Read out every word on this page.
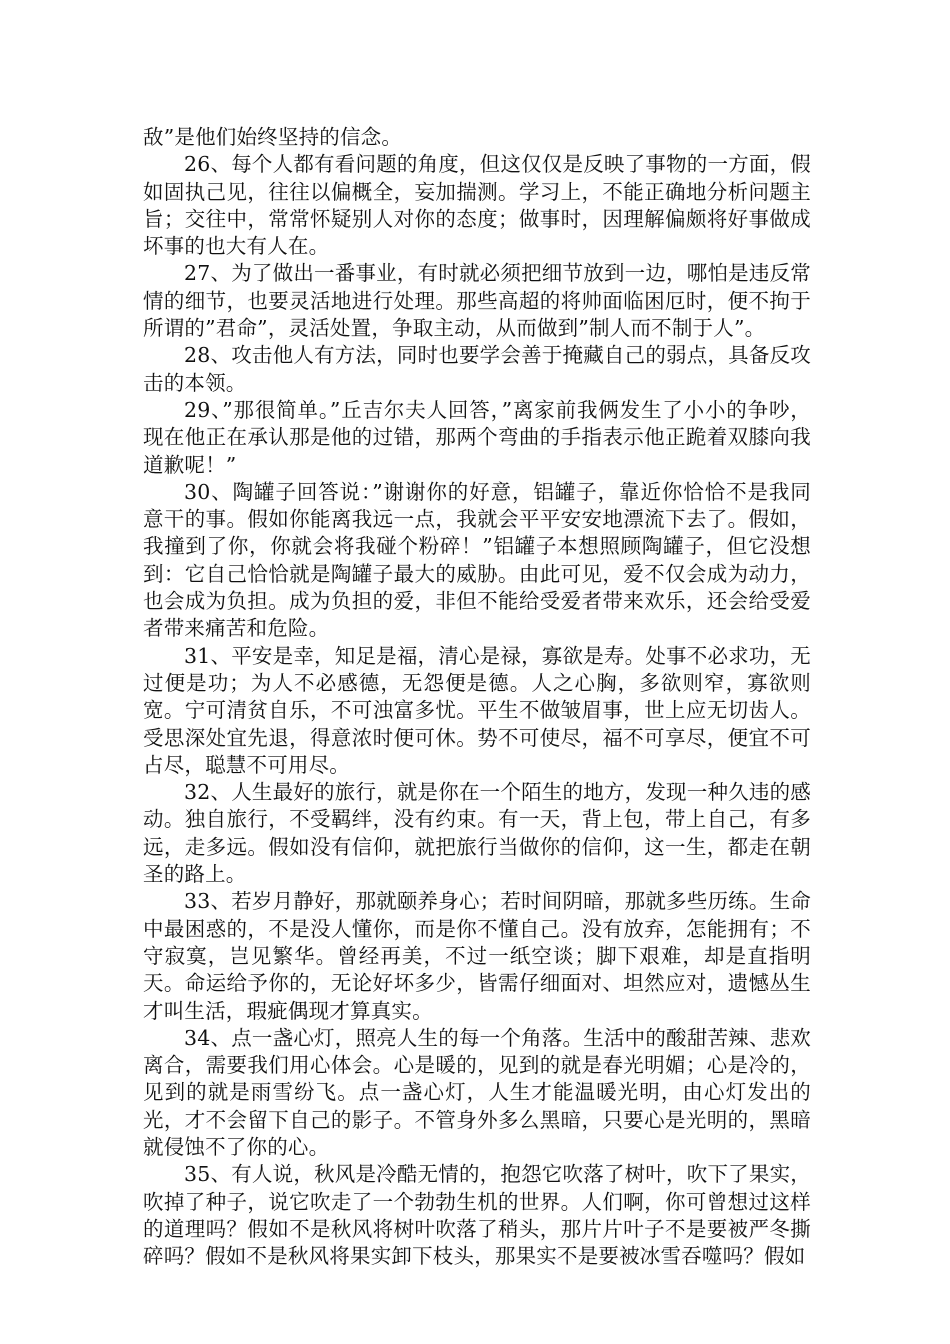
敌”是他们始终坚持的信念。

26、每个人都有看问题的角度，但这仅仅是反映了事物的一方面，假如固执己见，往往以偏概全，妄加揣测。学习上，不能正确地分析问题主旨；交往中，常常怀疑别人对你的态度；做事时，因理解偏颇将好事做成坏事的也大有人在。

27、为了做出一番事业，有时就必须把细节放到一边，哪怕是违反常情的细节，也要灵活地进行处理。那些高超的将帅面临困厄时，便不拘于所谓的”君命”，灵活处置，争取主动，从而做到”制人而不制于人”。

28、攻击他人有方法，同时也要学会善于掩藏自己的弱点，具备反攻击的本领。

29、”那很简单。”丘吉尔夫人回答，”离家前我俩发生了小小的争吵，现在他正在承认那是他的过错，那两个弯曲的手指表示他正跪着双膝向我道歉呢！”

30、陶罐子回答说：”谢谢你的好意，铝罐子，靠近你恰恰不是我同意干的事。假如你能离我远一点，我就会平平安安地漂流下去了。假如，我撞到了你，你就会将我碰个粉碎！”铝罐子本想照顾陶罐子，但它没想到：它自己恰恰就是陶罐子最大的威胁。由此可见，爱不仅会成为动力，也会成为负担。成为负担的爱，非但不能给受爱者带来欢乐，还会给受爱者带来痛苦和危险。

31、平安是幸，知足是福，清心是禄，寡欲是寿。处事不必求功，无过便是功；为人不必感德，无怨便是德。人之心胸，多欲则窄，寡欲则宽。宁可清贫自乐，不可浊富多忧。平生不做皱眉事，世上应无切齿人。受思深处宜先退，得意浓时便可休。势不可使尽，福不可享尽，便宜不可占尽，聪慧不可用尽。

32、人生最好的旅行，就是你在一个陌生的地方，发现一种久违的感动。独自旅行，不受羁绊，没有约束。有一天，背上包，带上自己，有多远，走多远。假如没有信仰，就把旅行当做你的信仰，这一生，都走在朝圣的路上。

33、若岁月静好，那就颐养身心；若时间阴暗，那就多些历练。生命中最困惑的，不是没人懂你，而是你不懂自己。没有放弃，怎能拥有；不守寂寞，岂见繁华。曾经再美，不过一纸空谈；脚下艰难，却是直指明天。命运给予你的，无论好坏多少，皆需仔细面对、坦然应对，遗憾丛生才叫生活，瑕疵偶现才算真实。

34、点一盏心灯，照亮人生的每一个角落。生活中的酸甜苦辣、悲欢离合，需要我们用心体会。心是暖的，见到的就是春光明媚；心是冷的，见到的就是雨雪纷飞。点一盏心灯，人生才能温暖光明，由心灯发出的光，才不会留下自己的影子。不管身外多么黑暗，只要心是光明的，黑暗就侵蚀不了你的心。

35、有人说，秋风是冷酷无情的，抱怨它吹落了树叶，吹下了果实，吹掉了种子，说它吹走了一个勃勃生机的世界。人们啊，你可曾想过这样的道理吗？假如不是秋风将树叶吹落了稍头，那片片叶子不是要被严冬撕碎吗？假如不是秋风将果实卸下枝头，那果实不是要被冰雪吞噬吗？假如
